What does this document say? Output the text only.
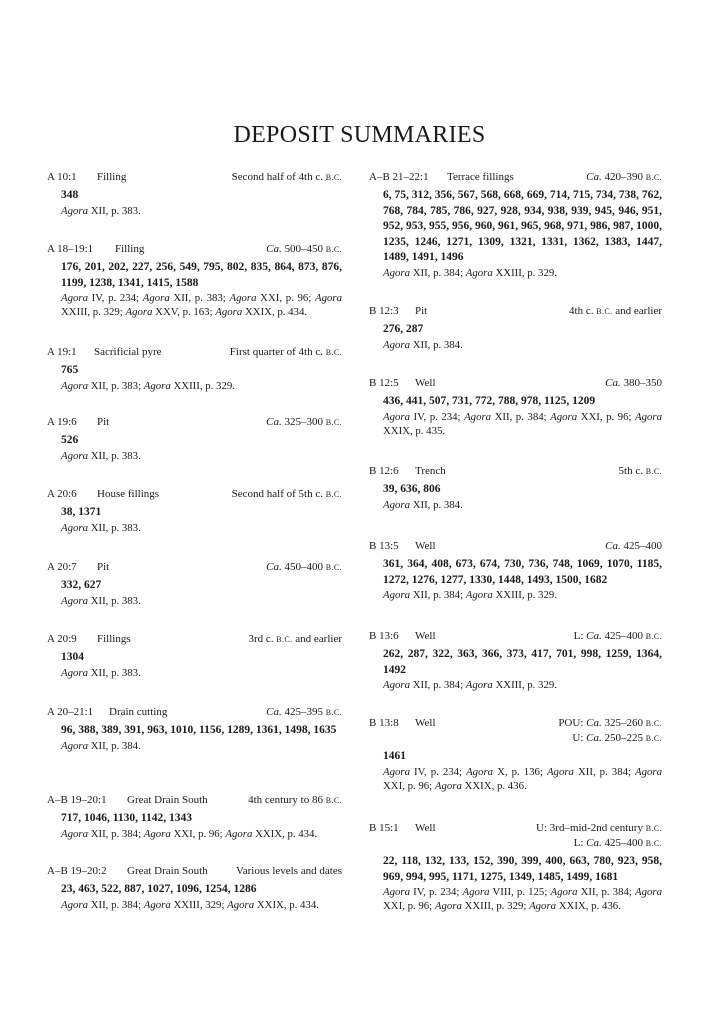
DEPOSIT SUMMARIES
A 10:1 Filling	Second half of 4th c. B.C.
348
Agora XII, p. 383.
A 18–19:1 Filling	Ca. 500–450 B.C.
176, 201, 202, 227, 256, 549, 795, 802, 835, 864, 873, 876, 1199, 1238, 1341, 1415, 1588
Agora IV, p. 234; Agora XII, p. 383; Agora XXI, p. 96; Agora XXIII, p. 329; Agora XXV, p. 163; Agora XXIX, p. 434.
A 19:1 Sacrificial pyre	First quarter of 4th c. B.C.
765
Agora XII, p. 383; Agora XXIII, p. 329.
A 19:6 Pit	Ca. 325–300 B.C.
526
Agora XII, p. 383.
A 20:6 House fillings	Second half of 5th c. B.C.
38, 1371
Agora XII, p. 383.
A 20:7 Pit	Ca. 450–400 B.C.
332, 627
Agora XII, p. 383.
A 20:9 Fillings	3rd c. B.C. and earlier
1304
Agora XII, p. 383.
A 20–21:1 Drain cutting	Ca. 425–395 B.C.
96, 388, 389, 391, 963, 1010, 1156, 1289, 1361, 1498, 1635
Agora XII, p. 384.
A–B 19–20:1 Great Drain South	4th century to 86 B.C.
717, 1046, 1130, 1142, 1343
Agora XII, p. 384; Agora XXI, p. 96; Agora XXIX, p. 434.
A–B 19–20:2 Great Drain South	Various levels and dates
23, 463, 522, 887, 1027, 1096, 1254, 1286
Agora XII, p. 384; Agora XXIII, 329; Agora XXIX, p. 434.
A–B 21–22:1 Terrace fillings	Ca. 420–390 B.C.
6, 75, 312, 356, 567, 568, 668, 669, 714, 715, 734, 738, 762, 768, 784, 785, 786, 927, 928, 934, 938, 939, 945, 946, 951, 952, 953, 955, 956, 960, 961, 965, 968, 971, 986, 987, 1000, 1235, 1246, 1271, 1309, 1321, 1331, 1362, 1383, 1447, 1489, 1491, 1496
Agora XII, p. 384; Agora XXIII, p. 329.
B 12:3 Pit	4th c. B.C. and earlier
276, 287
Agora XII, p. 384.
B 12:5 Well	Ca. 380–350
436, 441, 507, 731, 772, 788, 978, 1125, 1209
Agora IV, p. 234; Agora XII, p. 384; Agora XXI, p. 96; Agora XXIX, p. 435.
B 12:6 Trench	5th c. B.C.
39, 636, 806
Agora XII, p. 384.
B 13:5 Well	Ca. 425–400
361, 364, 408, 673, 674, 730, 736, 748, 1069, 1070, 1185, 1272, 1276, 1277, 1330, 1448, 1493, 1500, 1682
Agora XII, p. 384; Agora XXIII, p. 329.
B 13:6 Well	L: Ca. 425–400 B.C.
262, 287, 322, 363, 366, 373, 417, 701, 998, 1259, 1364, 1492
Agora XII, p. 384; Agora XXIII, p. 329.
B 13:8 Well	POU: Ca. 325–260 B.C.
U: Ca. 250–225 B.C.
1461
Agora IV, p. 234; Agora X, p. 136; Agora XII, p. 384; Agora XXI, p. 96; Agora XXIX, p. 436.
B 15:1 Well	U: 3rd–mid-2nd century B.C.
L: Ca. 425–400 B.C.
22, 118, 132, 133, 152, 390, 399, 400, 663, 780, 923, 958, 969, 994, 995, 1171, 1275, 1349, 1485, 1499, 1681
Agora IV, p. 234; Agora VIII, p. 125; Agora XII, p. 384; Agora XXI, p. 96; Agora XXIII, p. 329; Agora XXIX, p. 436.
